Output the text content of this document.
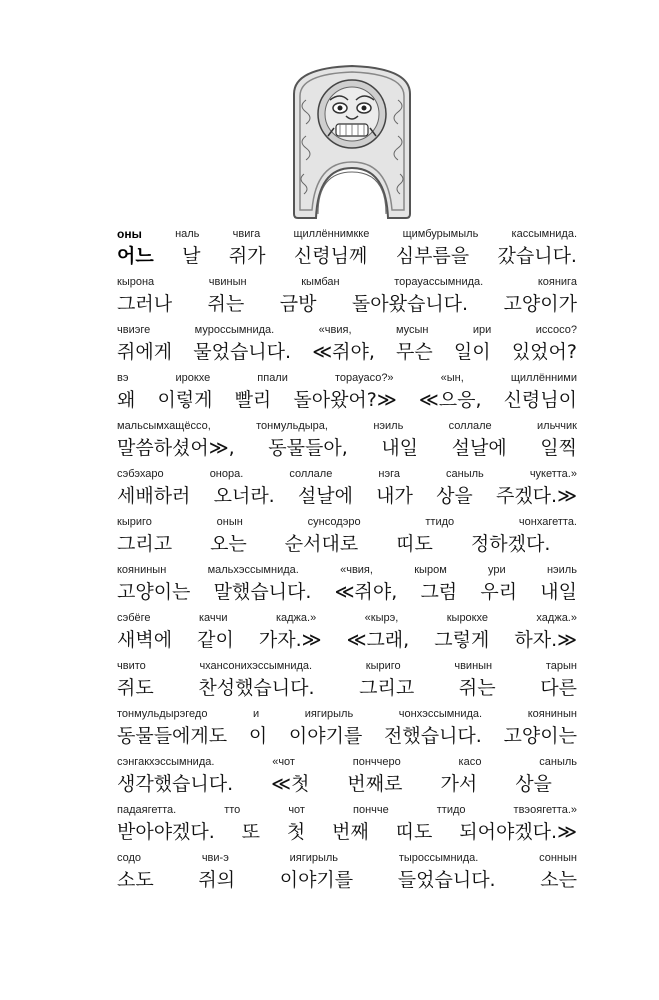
оны	наль	чвига	щиллённимкке	щимбурымыль	кассымнида.
어느 날 쥐가 신령님께 심부름을 갔습니다.
кырона	чвинын	кымбан	торауассымнида.	коянига
그러나 쥐는 금방 돌아왔습니다. 고양이가
чвиэге	муроссымнида.	«чвия,	мусын	ири	иссосо?
쥐에게 물었습니다. ≪쥐야, 무슨 일이 있었어?
вэ	ирокхе	ппали	торауасо?»	«ын,	щиллённими
왜 이렇게 빨리 돌아왔어?≫ ≪으응, 신령님이
мальсымхащёссо,	тонмульдыра,	нэиль	соллале	ильччик
말씀하셨어≫, 동물들아, 내일 설날에 일찍
сэбэхаро	онора.	соллале	нэга	саныль	чукетта.»
세배하러 오너라. 설날에 내가 상을 주겠다.≫
кыриго	онын	сунсодэро	ттидо	чонхагетта.
그리고 오는 순서대로 띠도 정하겠다.
коянинын	мальхэссымнида.	«чвия,	кыром	ури	нэиль
고양이는 말했습니다. ≪쥐야, 그럼 우리 내일
сэбёге	каччи	каджа.»	«кырэ,	кырокхе	хаджа.»
새벽에 같이 가자.≫ ≪그래, 그렇게 하자.≫
чвито	чхансонихэссымнида.	кыриго	чвинын	тарын
쥐도 찬성했습니다. 그리고 쥐는 다른
тонмульдырэгедо	и	иягирыль	чонхэссымнида.	коянинын
동물들에게도 이 이야기를 전했습니다. 고양이는
сэнгакхэссымнида.	«чот	понччеро	касо	саныль
생각했습니다. ≪첫 번째로 가서 상을
падаягетта.	тто	чот	пончче	ттидо	твэоягетта.»
받아야겠다. 또 첫 번째 띠도 되어야겠다.≫
содо	чви-э	иягирыль	тыроссымнида.	соннын
소도 쥐의 이야기를 들었습니다. 소는
